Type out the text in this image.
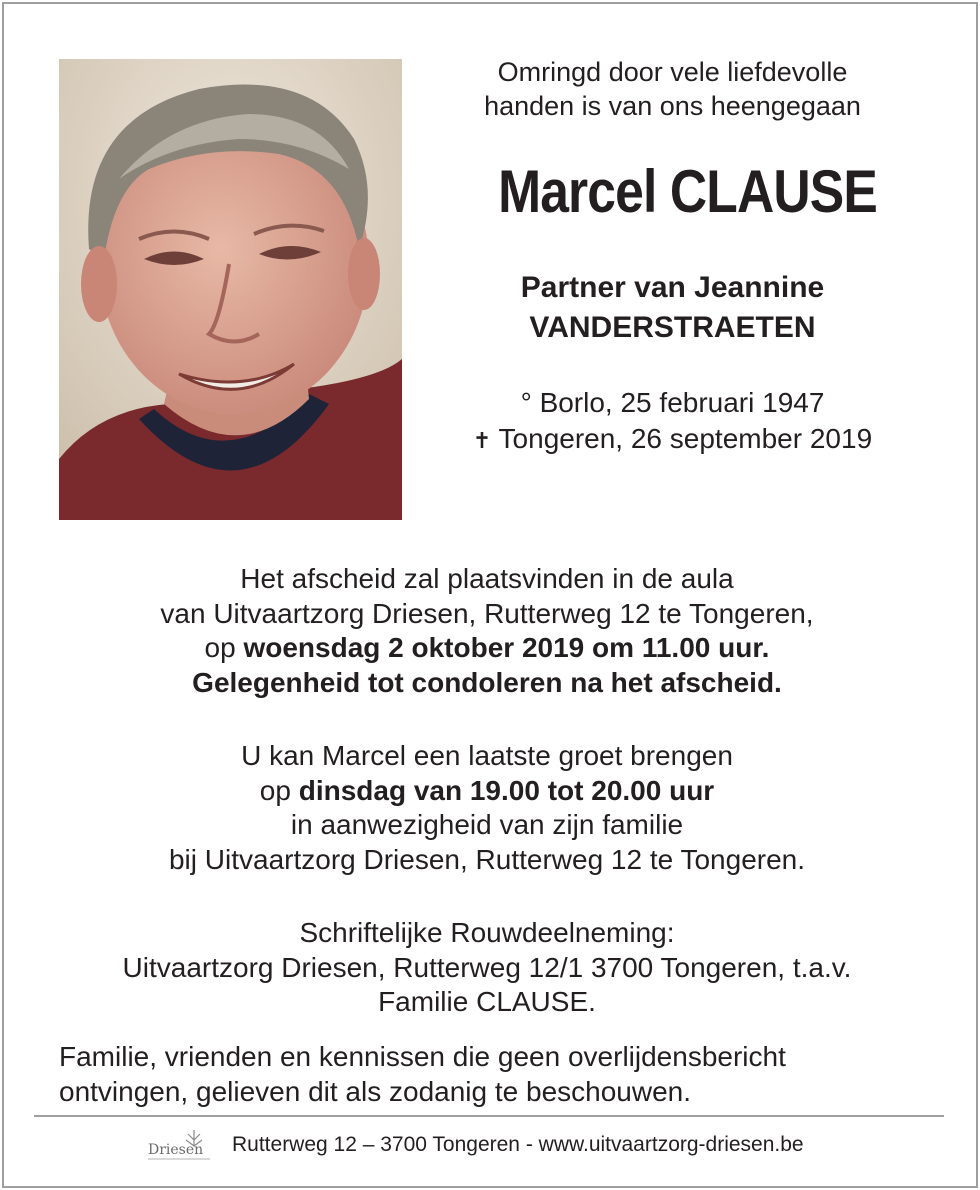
Omringd door vele liefdevolle
handen is van ons heengegaan
Marcel CLAUSE
Partner van Jeannine
VANDERSTRAETEN
° Borlo, 25 februari 1947
✝ Tongeren, 26 september 2019
Het afscheid zal plaatsvinden in de aula
van Uitvaartzorg Driesen, Rutterweg 12 te Tongeren,
op woensdag 2 oktober 2019 om 11.00 uur.
Gelegenheid tot condoleren na het afscheid.
U kan Marcel een laatste groet brengen
op dinsdag van 19.00 tot 20.00 uur
in aanwezigheid van zijn familie
bij Uitvaartzorg Driesen, Rutterweg 12 te Tongeren.
Schriftelijke Rouwdeelneming:
Uitvaartzorg Driesen, Rutterweg 12/1 3700 Tongeren, t.a.v.
Familie CLAUSE.
Familie, vrienden en kennissen die geen overlijdensbericht
ontvingen, gelieven dit als zodanig te beschouwen.
Driesen Rutterweg 12 – 3700 Tongeren - www.uitvaartzorg-driesen.be
